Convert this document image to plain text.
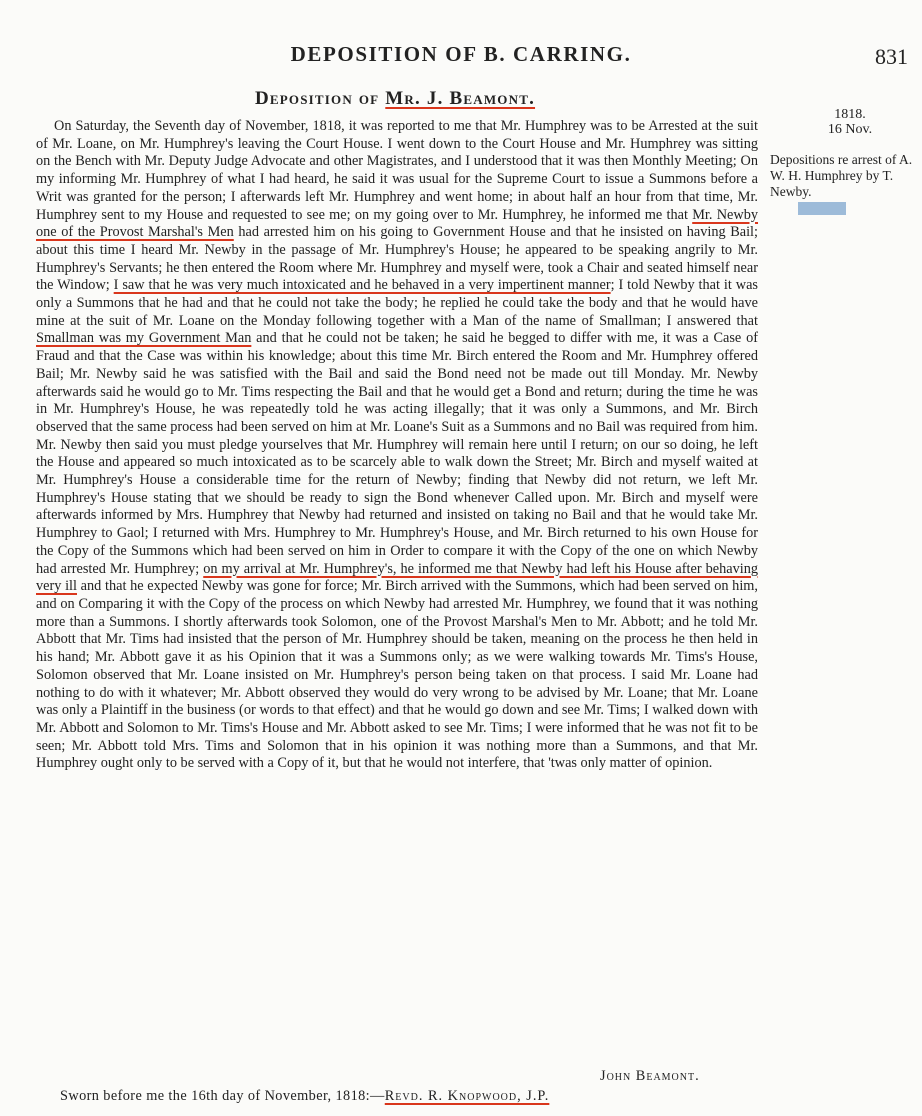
DEPOSITION OF B. CARRING.	831
Deposition of Mr. J. Beamont.
1818.
16 Nov.
Depositions re arrest of A. W. H. Humphrey by T. Newby.

On Saturday, the Seventh day of November, 1818, it was reported to me that Mr. Humphrey was to be Arrested at the suit of Mr. Loane, on Mr. Humphrey's leaving the Court House. I went down to the Court House and Mr. Humphrey was sitting on the Bench with Mr. Deputy Judge Advocate and other Magistrates, and I understood that it was then Monthly Meeting; On my informing Mr. Humphrey of what I had heard, he said it was usual for the Supreme Court to issue a Summons before a Writ was granted for the person; I afterwards left Mr. Humphrey and went home; in about half an hour from that time, Mr. Humphrey sent to my House and requested to see me; on my going over to Mr. Humphrey, he informed me that Mr. Newby one of the Provost Marshal's Men had arrested him on his going to Government House and that he insisted on having Bail; about this time I heard Mr. Newby in the passage of Mr. Humphrey's House; he appeared to be speaking angrily to Mr. Humphrey's Servants; he then entered the Room where Mr. Humphrey and myself were, took a Chair and seated himself near the Window; I saw that he was very much intoxicated and he behaved in a very impertinent manner; I told Newby that it was only a Summons that he had and that he could not take the body; he replied he could take the body and that he would have mine at the suit of Mr. Loane on the Monday following together with a Man of the name of Smallman; I answered that Smallman was my Government Man and that he could not be taken; he said he begged to differ with me, it was a Case of Fraud and that the Case was within his knowledge; about this time Mr. Birch entered the Room and Mr. Humphrey offered Bail; Mr. Newby said he was satisfied with the Bail and said the Bond need not be made out till Monday. Mr. Newby afterwards said he would go to Mr. Tims respecting the Bail and that he would get a Bond and return; during the time he was in Mr. Humphrey's House, he was repeatedly told he was acting illegally; that it was only a Summons, and Mr. Birch observed that the same process had been served on him at Mr. Loane's Suit as a Summons and no Bail was required from him. Mr. Newby then said you must pledge yourselves that Mr. Humphrey will remain here until I return; on our so doing, he left the House and appeared so much intoxicated as to be scarcely able to walk down the Street; Mr. Birch and myself waited at Mr. Humphrey's House a considerable time for the return of Newby; finding that Newby did not return, we left Mr. Humphrey's House stating that we should be ready to sign the Bond whenever Called upon. Mr. Birch and myself were afterwards informed by Mrs. Humphrey that Newby had returned and insisted on taking no Bail and that he would take Mr. Humphrey to Gaol; I returned with Mrs. Humphrey to Mr. Humphrey's House, and Mr. Birch returned to his own House for the Copy of the Summons which had been served on him in Order to compare it with the Copy of the one on which Newby had arrested Mr. Humphrey; on my arrival at Mr. Humphrey's, he informed me that Newby had left his House after behaving very ill and that he expected Newby was gone for force; Mr. Birch arrived with the Summons, which had been served on him, and on Comparing it with the Copy of the process on which Newby had arrested Mr. Humphrey, we found that it was nothing more than a Summons. I shortly afterwards took Solomon, one of the Provost Marshal's Men to Mr. Abbott; and he told Mr. Abbott that Mr. Tims had insisted that the person of Mr. Humphrey should be taken, meaning on the process he then held in his hand; Mr. Abbott gave it as his Opinion that it was a Summons only; as we were walking towards Mr. Tims's House, Solomon observed that Mr. Loane insisted on Mr. Humphrey's person being taken on that process. I said Mr. Loane had nothing to do with it whatever; Mr. Abbott observed they would do very wrong to be advised by Mr. Loane; that Mr. Loane was only a Plaintiff in the business (or words to that effect) and that he would go down and see Mr. Tims; I walked down with Mr. Abbott and Solomon to Mr. Tims's House and Mr. Abbott asked to see Mr. Tims; I were informed that he was not fit to be seen; Mr. Abbott told Mrs. Tims and Solomon that in his opinion it was nothing more than a Summons, and that Mr. Humphrey ought only to be served with a Copy of it, but that he would not interfere, that 'twas only matter of opinion.

John Beamont.
Sworn before me the 16th day of November, 1818:—Revd. R. Knopwood, J.P.
